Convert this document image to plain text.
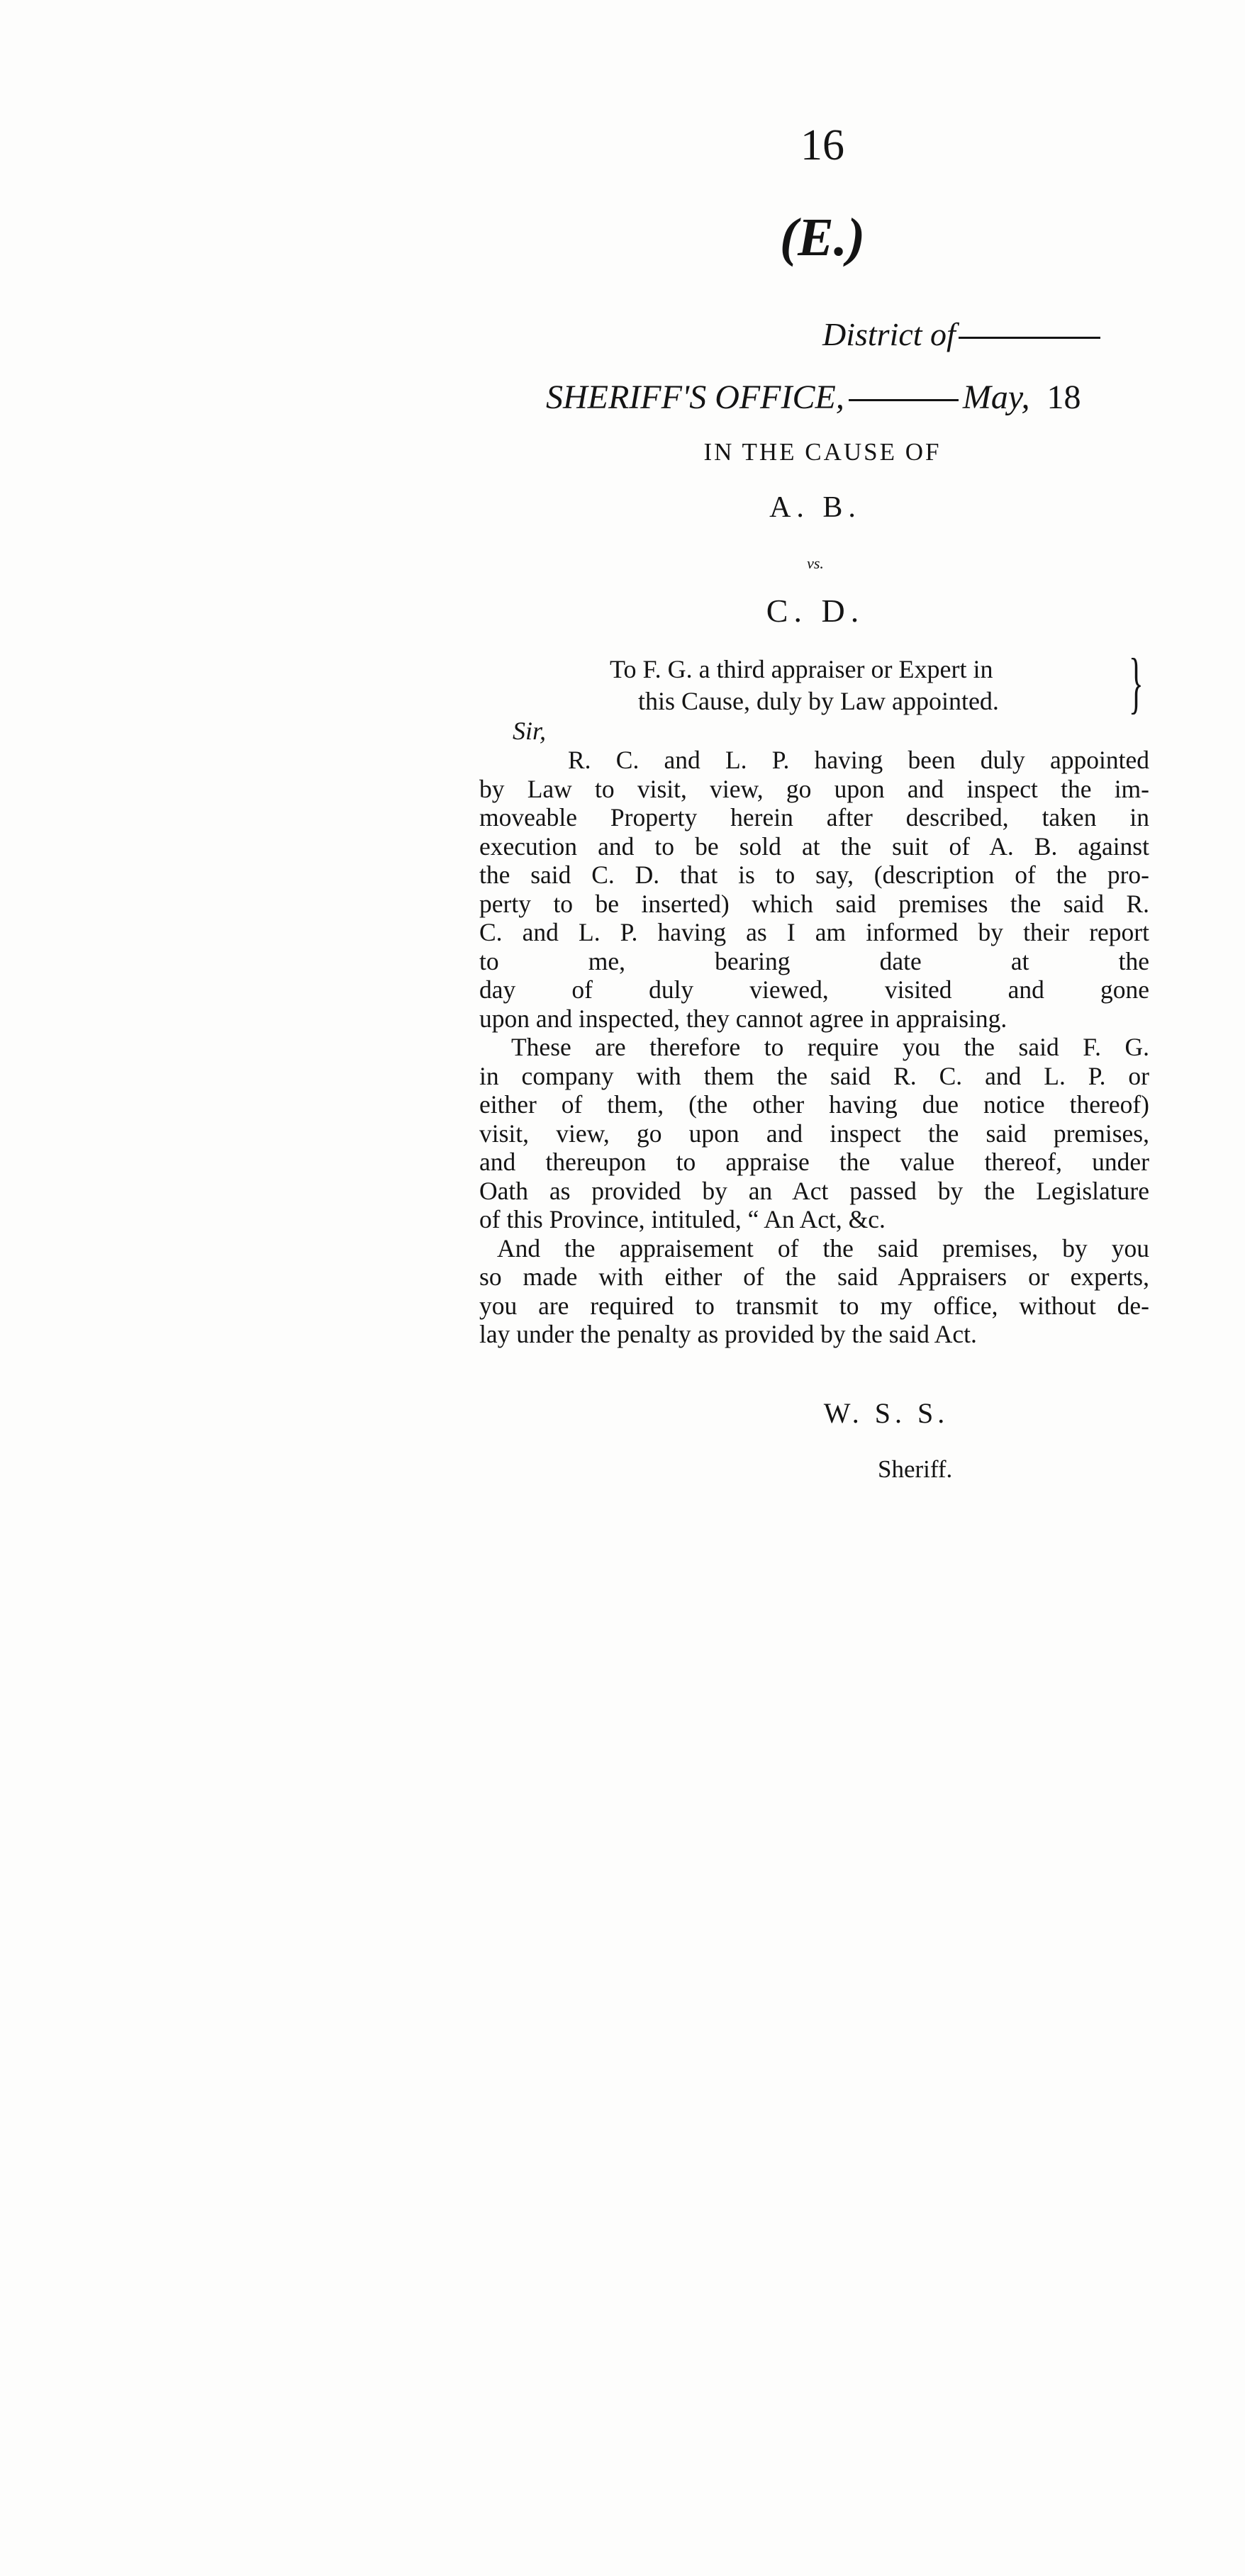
16
(E.)
District of
SHERIFF'S OFFICE,	May, 18
IN THE CAUSE OF
A. B.
vs.
C. D.
To F. G. a third appraiser or Expert in
this Cause, duly by Law appointed.	}
Sir,

R. C. and L. P. having been duly appointed

by Law to visit, view, go upon and inspect the im-

moveable Property herein after described, taken in

execution and to be sold at the suit of A. B. against

the said C. D. that is to say, (description of the pro-

perty to be inserted) which said premises the said R.

C. and L. P. having as I am informed by their report

to me, bearing date at the

day of duly viewed, visited and gone

upon and inspected, they cannot agree in appraising.

These are therefore to require you the said F. G.

in company with them the said R. C. and L. P. or

either of them, (the other having due notice thereof)

visit, view, go upon and inspect the said premises,

and thereupon to appraise the value thereof, under

Oath as provided by an Act passed by the Legislature

of this Province, intituled, “ An Act, &c.

And the appraisement of the said premises, by you

so made with either of the said Appraisers or experts,

you are required to transmit to my office, without de-

lay under the penalty as provided by the said Act.

W. S. S.
Sheriff.
